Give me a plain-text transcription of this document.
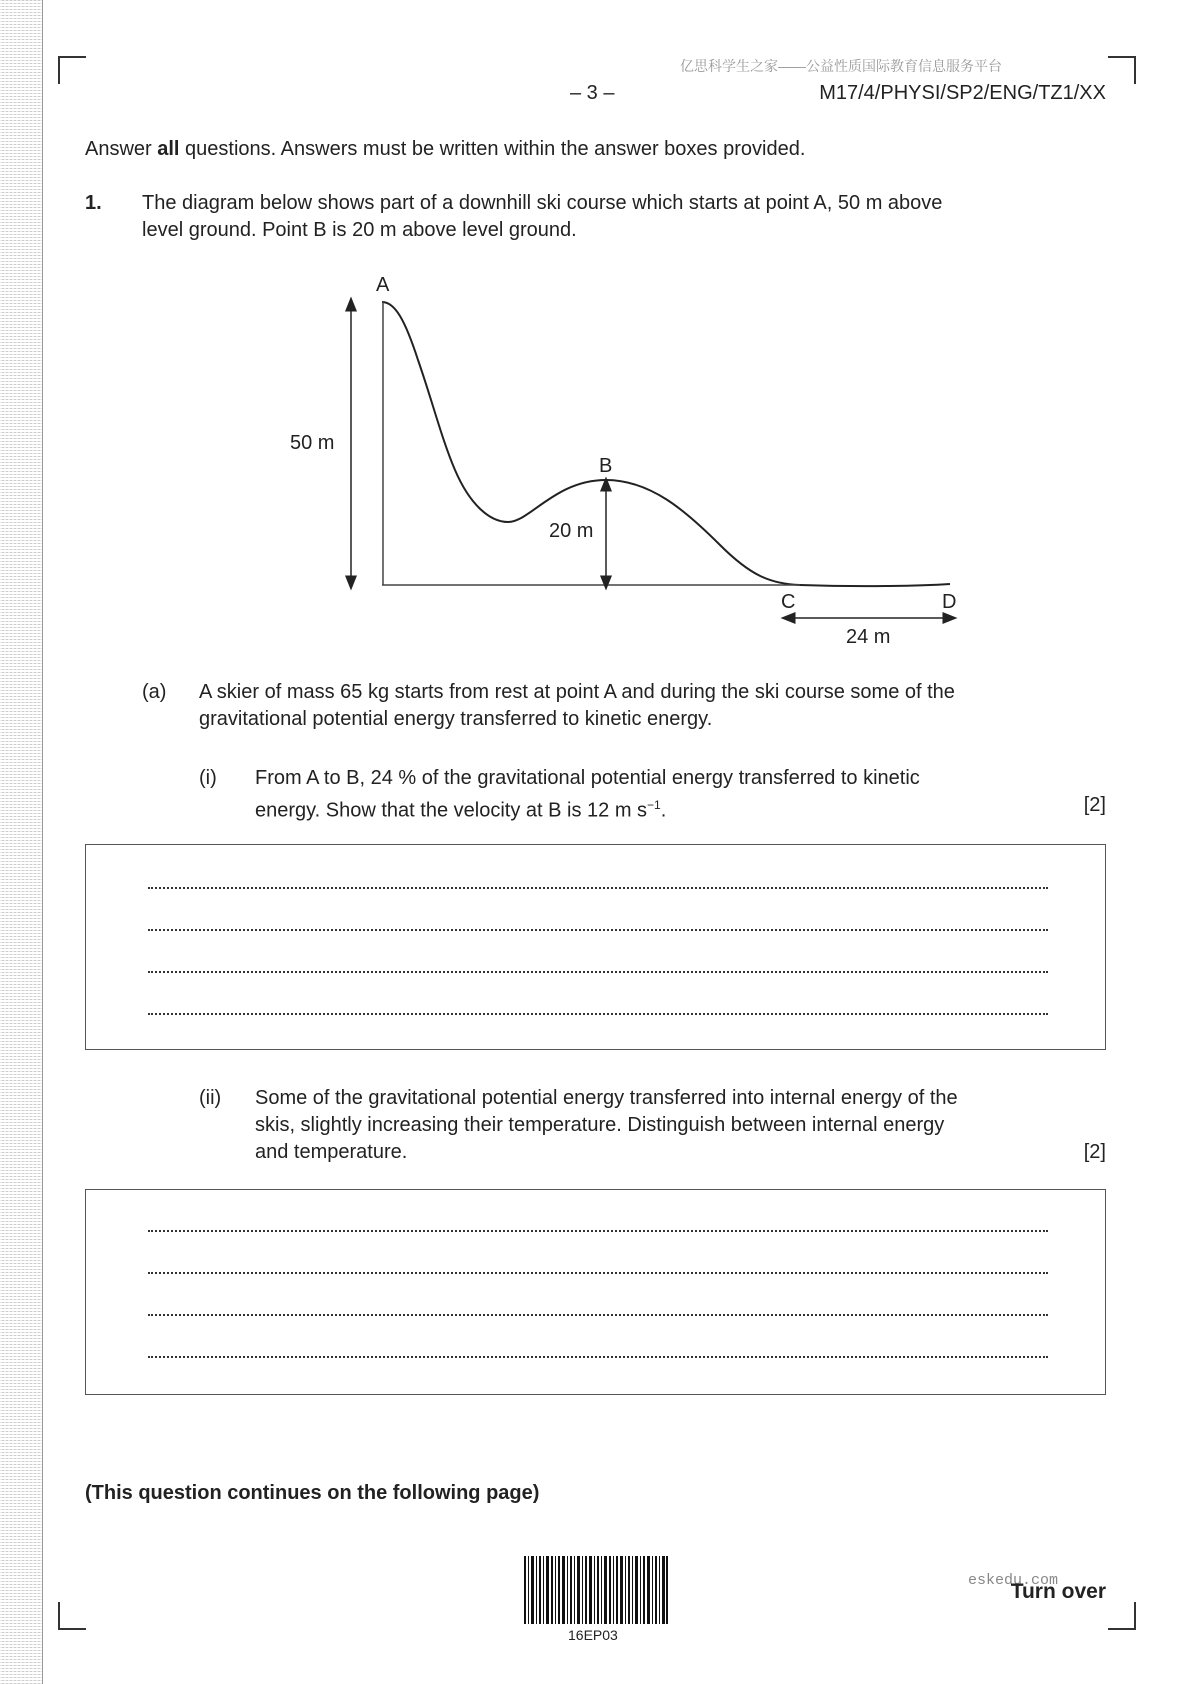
亿思科学生之家——公益性质国际教育信息服务平台
– 3 –	M17/4/PHYSI/SP2/ENG/TZ1/XX
Answer all questions. Answers must be written within the answer boxes provided.
1. The diagram below shows part of a downhill ski course which starts at point A, 50 m above
level ground. Point B is 20 m above level ground.
A
B
C	D
50 m
20 m
24 m
(a) A skier of mass 65 kg starts from rest at point A and during the ski course some of the
gravitational potential energy transferred to kinetic energy.
(i) From A to B, 24 % of the gravitational potential energy transferred to kinetic
energy. Show that the velocity at B is 12 m $s^{-1}$.	[2]
(ii) Some of the gravitational potential energy transferred into internal energy of the
skis, slightly increasing their temperature. Distinguish between internal energy
and temperature.	[2]
(This question continues on the following page)
16EP03
eskedu.com
Turn over
